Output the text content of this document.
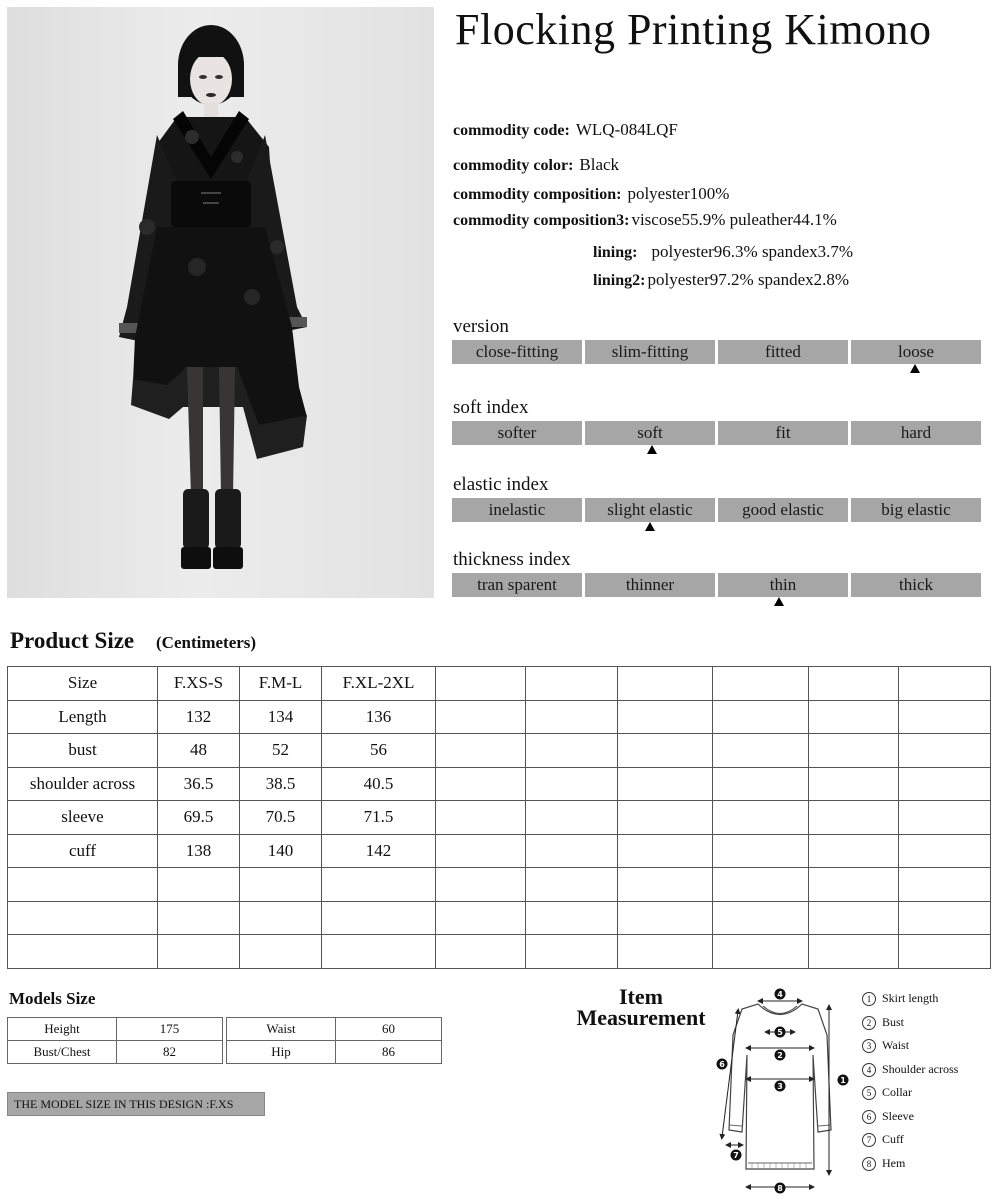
Flocking Printing Kimono
commodity code: WLQ-084LQF
commodity color: Black
commodity composition: polyester100%
commodity composition3: viscose55.9% puleather44.1%
lining: polyester96.3% spandex3.7%
lining2: polyester97.2% spandex2.8%
version
close-fitting	slim-fitting	fitted	loose
soft index
softer	soft	fit	hard
elastic index
inelastic	slight elastic	good elastic	big elastic
thickness index
tran sparent	thinner	thin	thick
Product Size (Centimeters)
Size	F.XS-S	F.M-L	F.XL-2XL						
Length	132	134	136						
bust	48	52	56						
shoulder across	36.5	38.5	40.5						
sleeve	69.5	70.5	71.5						
cuff	138	140	142						

Models Size
Height	175
Bust/Chest	82
Waist	60
Hip	86
THE MODEL SIZE IN THIS DESIGN :F.XS
Item
Measurement
4
5
2
3
8
1
6
7
1 Skirt length
2 Bust
3 Waist
4 Shoulder across
5 Collar
6 Sleeve
7 Cuff
8 Hem
